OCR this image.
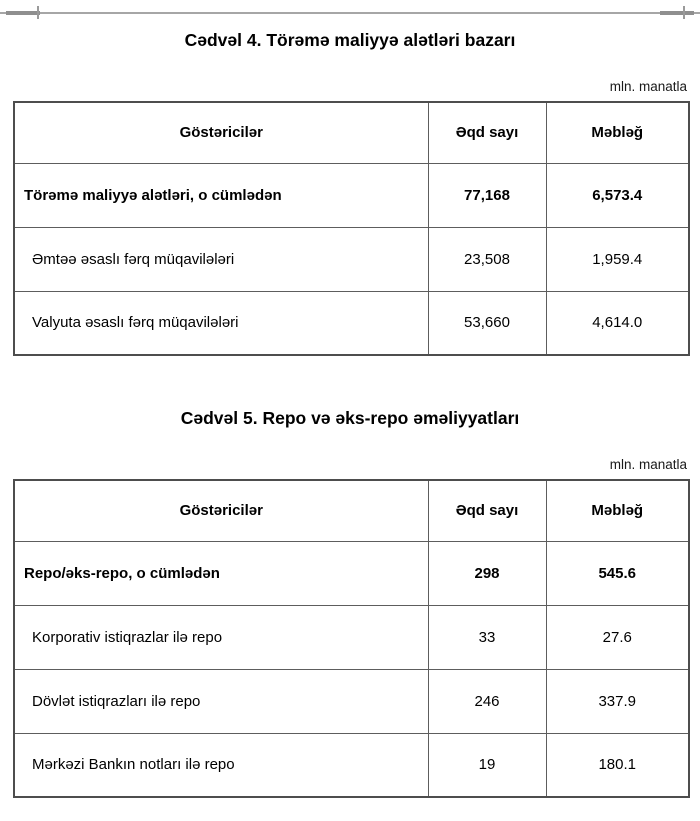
Cədvəl 4. Törəmə maliyyə alətləri bazarı
mln. manatla
Göstəricilər	Əqd sayı	Məbləğ
Törəmə maliyyə alətləri, o cümlədən	77,168	6,573.4
Əmtəə əsaslı fərq müqavilələri	23,508	1,959.4
Valyuta əsaslı fərq müqavilələri	53,660	4,614.0
Cədvəl 5. Repo və əks-repo əməliyyatları
mln. manatla
Göstəricilər	Əqd sayı	Məbləğ
Repo/əks-repo, o cümlədən	298	545.6
Korporativ istiqrazlar ilə repo	33	27.6
Dövlət istiqrazları ilə repo	246	337.9
Mərkəzi Bankın notları ilə repo	19	180.1
